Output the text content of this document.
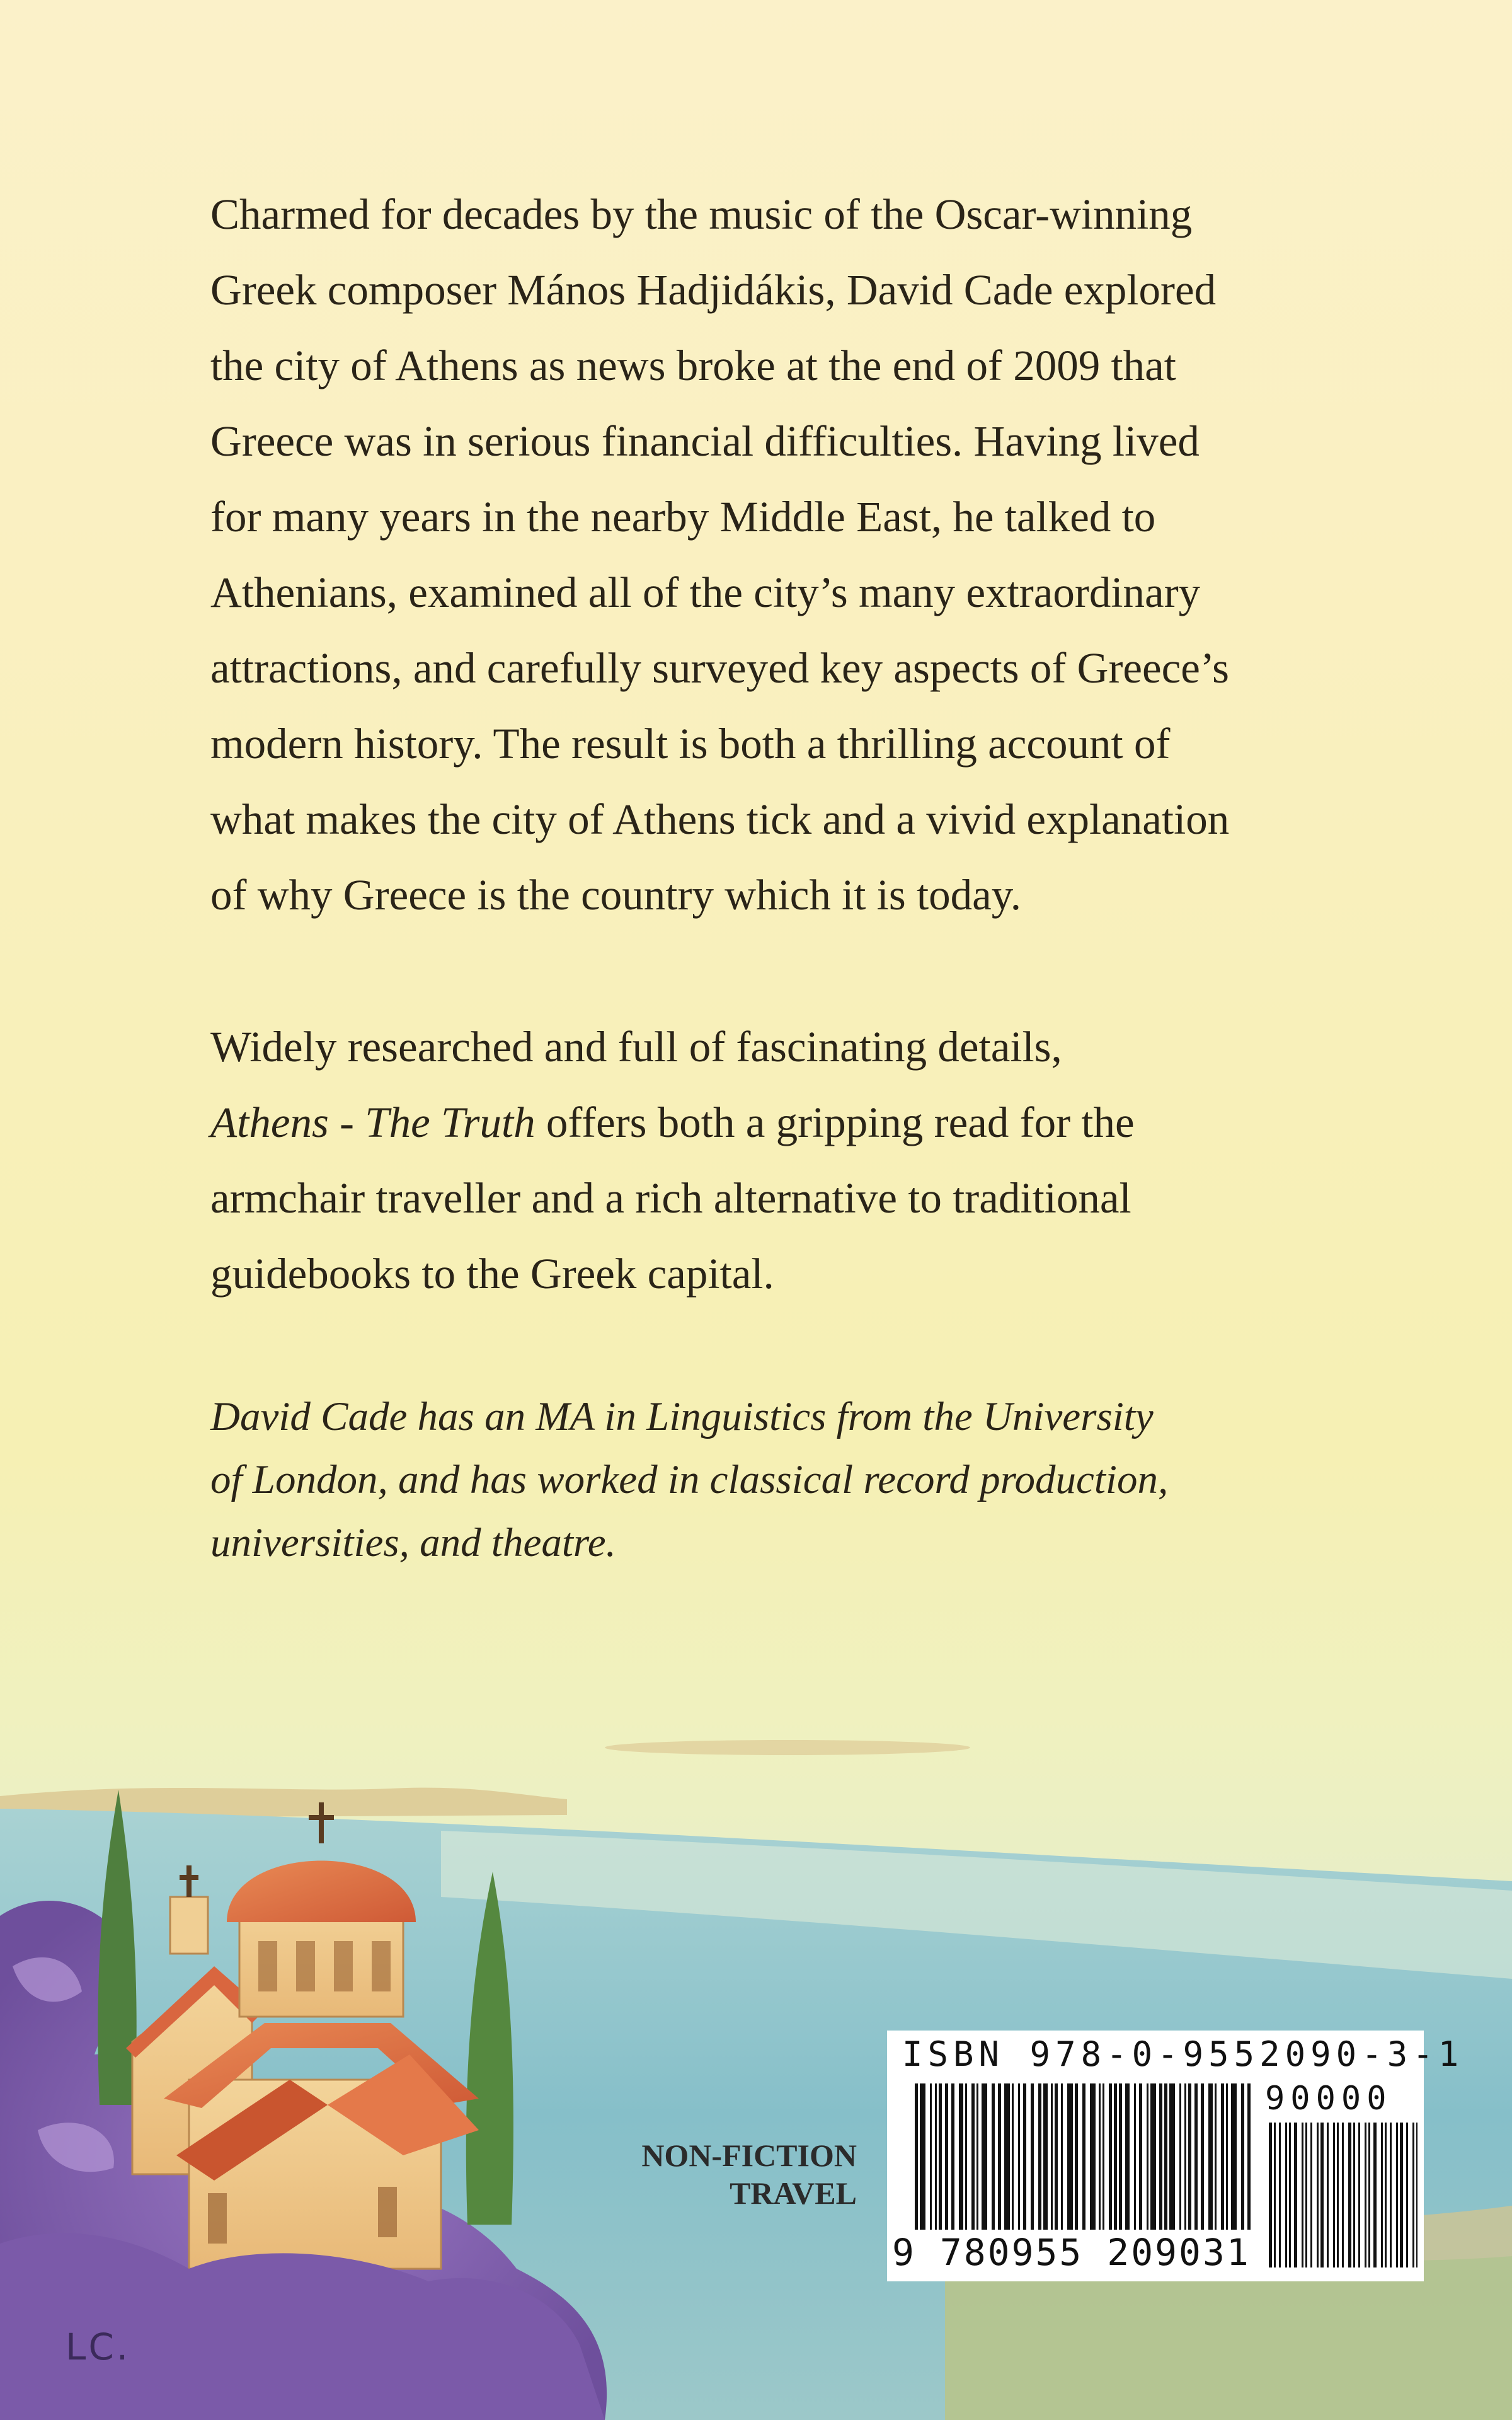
Charmed for decades by the music of the Oscar-winning
Greek composer Mános Hadjidákis, David Cade explored
the city of Athens as news broke at the end of 2009 that
Greece was in serious financial difficulties. Having lived
for many years in the nearby Middle East, he talked to
Athenians, examined all of the city’s many extraordinary
attractions, and carefully surveyed key aspects of Greece’s
modern history. The result is both a thrilling account of
what makes the city of Athens tick and a vivid explanation
of why Greece is the country which it is today.

Widely researched and full of fascinating details,
Athens - The Truth offers both a gripping read for the
armchair traveller and a rich alternative to traditional
guidebooks to the Greek capital.

David Cade has an MA in Linguistics from the University
of London, and has worked in classical record production,
universities, and theatre.

NON-FICTION
TRAVEL
ISBN 978-0-9552090-3-1
90000
9 780955 209031
LC.
